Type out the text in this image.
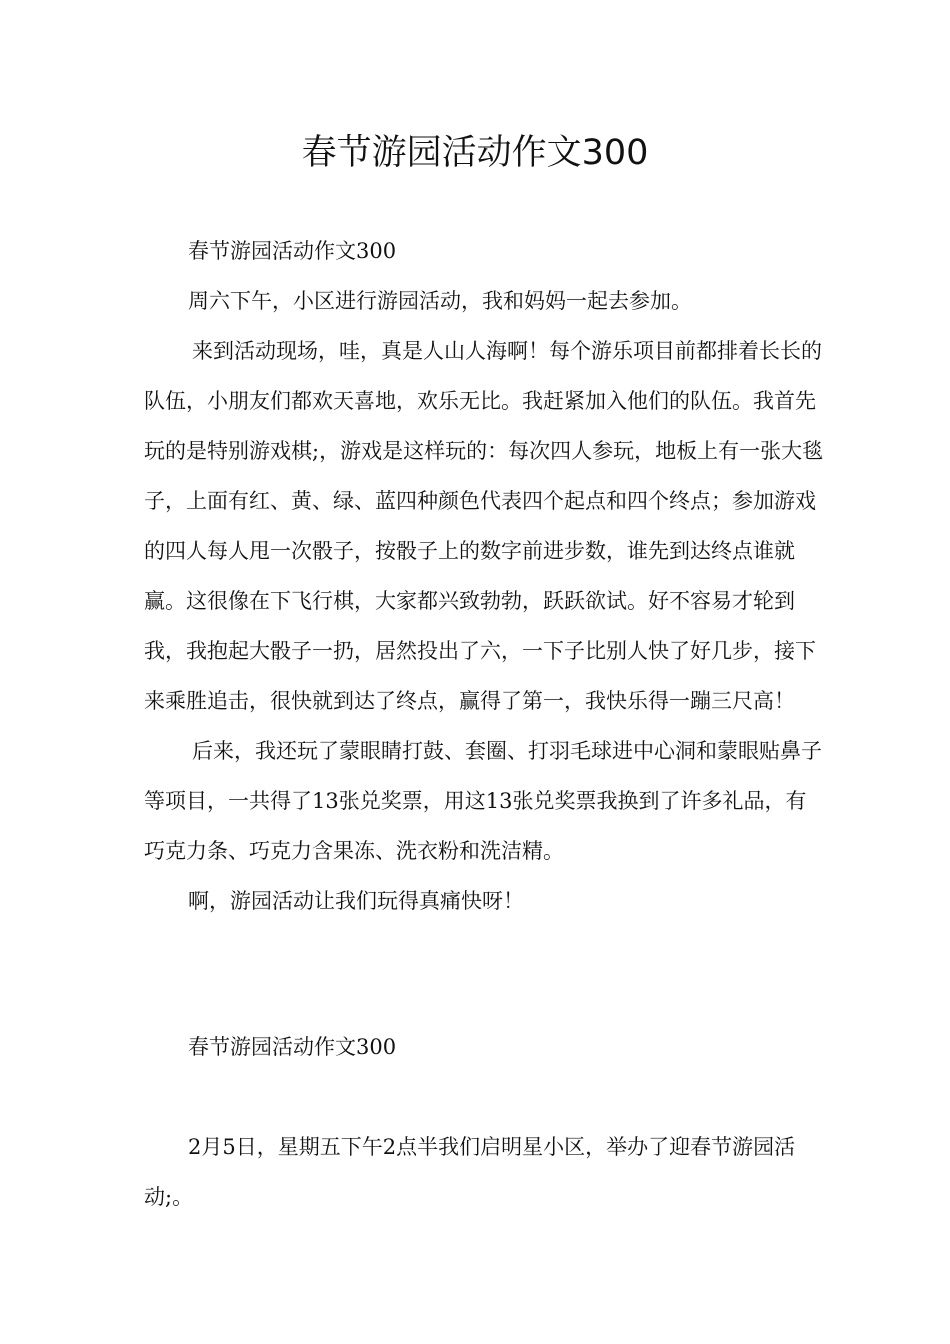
春节游园活动作文300

春节游园活动作文300

周六下午，小区进行游园活动，我和妈妈一起去参加。

来到活动现场，哇，真是人山人海啊！每个游乐项目前都排着长长的队伍，小朋友们都欢天喜地，欢乐无比。我赶紧加入他们的队伍。我首先玩的是特别游戏棋;，游戏是这样玩的：每次四人参玩，地板上有一张大毯子，上面有红、黄、绿、蓝四种颜色代表四个起点和四个终点；参加游戏的四人每人甩一次骰子，按骰子上的数字前进步数，谁先到达终点谁就赢。这很像在下飞行棋，大家都兴致勃勃，跃跃欲试。好不容易才轮到我，我抱起大骰子一扔，居然投出了六，一下子比别人快了好几步，接下来乘胜追击，很快就到达了终点，赢得了第一，我快乐得一蹦三尺高！

后来，我还玩了蒙眼睛打鼓、套圈、打羽毛球进中心洞和蒙眼贴鼻子等项目，一共得了13张兑奖票，用这13张兑奖票我换到了许多礼品，有巧克力条、巧克力含果冻、洗衣粉和洗洁精。

啊，游园活动让我们玩得真痛快呀！

春节游园活动作文300

2月5日，星期五下午2点半我们启明星小区，举办了迎春节游园活动;。
